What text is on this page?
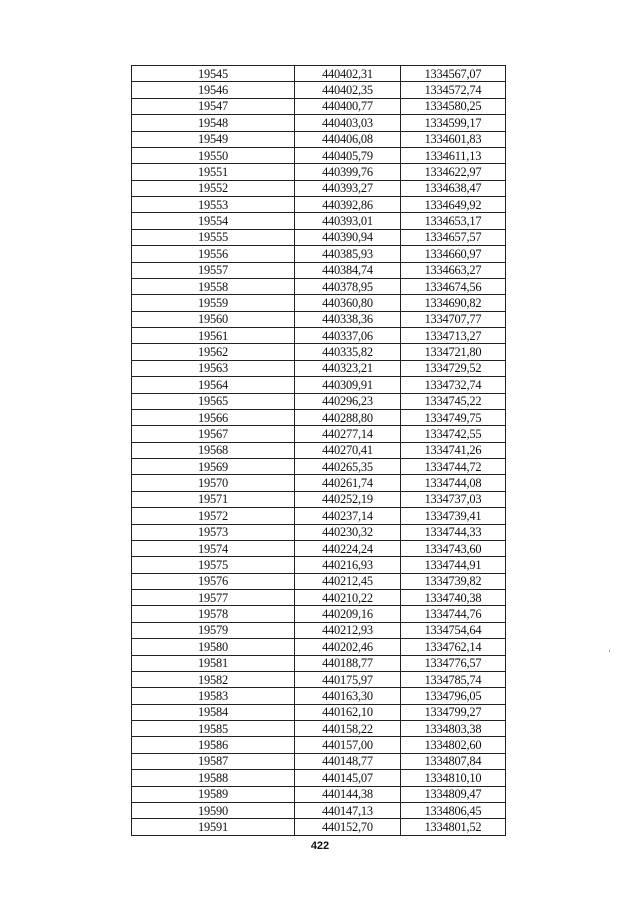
19545	440402,31	1334567,07
19546	440402,35	1334572,74
19547	440400,77	1334580,25
19548	440403,03	1334599,17
19549	440406,08	1334601,83
19550	440405,79	1334611,13
19551	440399,76	1334622,97
19552	440393,27	1334638,47
19553	440392,86	1334649,92
19554	440393,01	1334653,17
19555	440390,94	1334657,57
19556	440385,93	1334660,97
19557	440384,74	1334663,27
19558	440378,95	1334674,56
19559	440360,80	1334690,82
19560	440338,36	1334707,77
19561	440337,06	1334713,27
19562	440335,82	1334721,80
19563	440323,21	1334729,52
19564	440309,91	1334732,74
19565	440296,23	1334745,22
19566	440288,80	1334749,75
19567	440277,14	1334742,55
19568	440270,41	1334741,26
19569	440265,35	1334744,72
19570	440261,74	1334744,08
19571	440252,19	1334737,03
19572	440237,14	1334739,41
19573	440230,32	1334744,33
19574	440224,24	1334743,60
19575	440216,93	1334744,91
19576	440212,45	1334739,82
19577	440210,22	1334740,38
19578	440209,16	1334744,76
19579	440212,93	1334754,64
19580	440202,46	1334762,14
19581	440188,77	1334776,57
19582	440175,97	1334785,74
19583	440163,30	1334796,05
19584	440162,10	1334799,27
19585	440158,22	1334803,38
19586	440157,00	1334802,60
19587	440148,77	1334807,84
19588	440145,07	1334810,10
19589	440144,38	1334809,47
19590	440147,13	1334806,45
19591	440152,70	1334801,52
422
